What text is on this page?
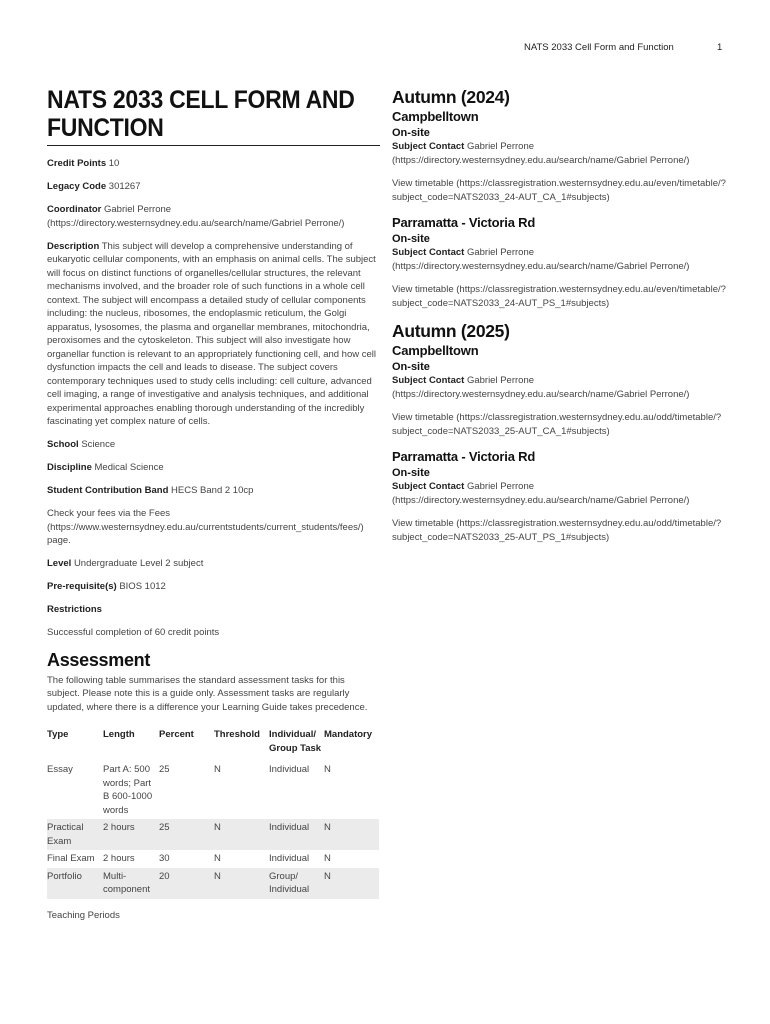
NATS 2033 Cell Form and Function	1
NATS 2033 CELL FORM AND FUNCTION

Credit Points 10

Legacy Code 301267

Coordinator Gabriel Perrone (https://directory.westernsydney.edu.au/search/name/Gabriel Perrone/)

Description This subject will develop a comprehensive understanding of eukaryotic cellular components, with an emphasis on animal cells. The subject will focus on distinct functions of organelles/cellular structures, the relevant mechanisms involved, and the broader role of such functions in a whole cell context. The subject will encompass a detailed study of cellular components including: the nucleus, ribosomes, the endoplasmic reticulum, the Golgi apparatus, lysosomes, the plasma and organellar membranes, mitochondria, peroxisomes and the cytoskeleton. This subject will also investigate how organellar function is relevant to an appropriately functioning cell, and how cell dysfunction impacts the cell and leads to disease. The subject covers contemporary techniques used to study cells including: cell culture, advanced cell imaging, a range of investigative and analysis techniques, and additional experimental approaches enabling thorough understanding of the incredibly fascinating yet complex nature of cells.

School Science

Discipline Medical Science

Student Contribution Band HECS Band 2 10cp

Check your fees via the Fees (https://www.westernsydney.edu.au/currentstudents/current_students/fees/) page.

Level Undergraduate Level 2 subject

Pre-requisite(s) BIOS 1012

Restrictions

Successful completion of 60 credit points

Assessment

The following table summarises the standard assessment tasks for this subject. Please note this is a guide only. Assessment tasks are regularly updated, where there is a difference your Learning Guide takes precedence.

Type	Length	Percent	Threshold	Individual/ Group Task	Mandatory
Essay	Part A: 500 words; Part B 600-1000 words	25	N	Individual	N
Practical Exam	2 hours	25	N	Individual	N
Final Exam	2 hours	30	N	Individual	N
Portfolio	Multi-component	20	N	Group/ Individual	N
Teaching Periods
Autumn (2024)
Campbelltown
On-site
Subject Contact Gabriel Perrone (https://directory.westernsydney.edu.au/search/name/Gabriel Perrone/)
View timetable (https://classregistration.westernsydney.edu.au/even/timetable/?subject_code=NATS2033_24-AUT_CA_1#subjects)
Parramatta - Victoria Rd
On-site
Subject Contact Gabriel Perrone (https://directory.westernsydney.edu.au/search/name/Gabriel Perrone/)
View timetable (https://classregistration.westernsydney.edu.au/even/timetable/?subject_code=NATS2033_24-AUT_PS_1#subjects)
Autumn (2025)
Campbelltown
On-site
Subject Contact Gabriel Perrone (https://directory.westernsydney.edu.au/search/name/Gabriel Perrone/)
View timetable (https://classregistration.westernsydney.edu.au/odd/timetable/?subject_code=NATS2033_25-AUT_CA_1#subjects)
Parramatta - Victoria Rd
On-site
Subject Contact Gabriel Perrone (https://directory.westernsydney.edu.au/search/name/Gabriel Perrone/)
View timetable (https://classregistration.westernsydney.edu.au/odd/timetable/?subject_code=NATS2033_25-AUT_PS_1#subjects)
